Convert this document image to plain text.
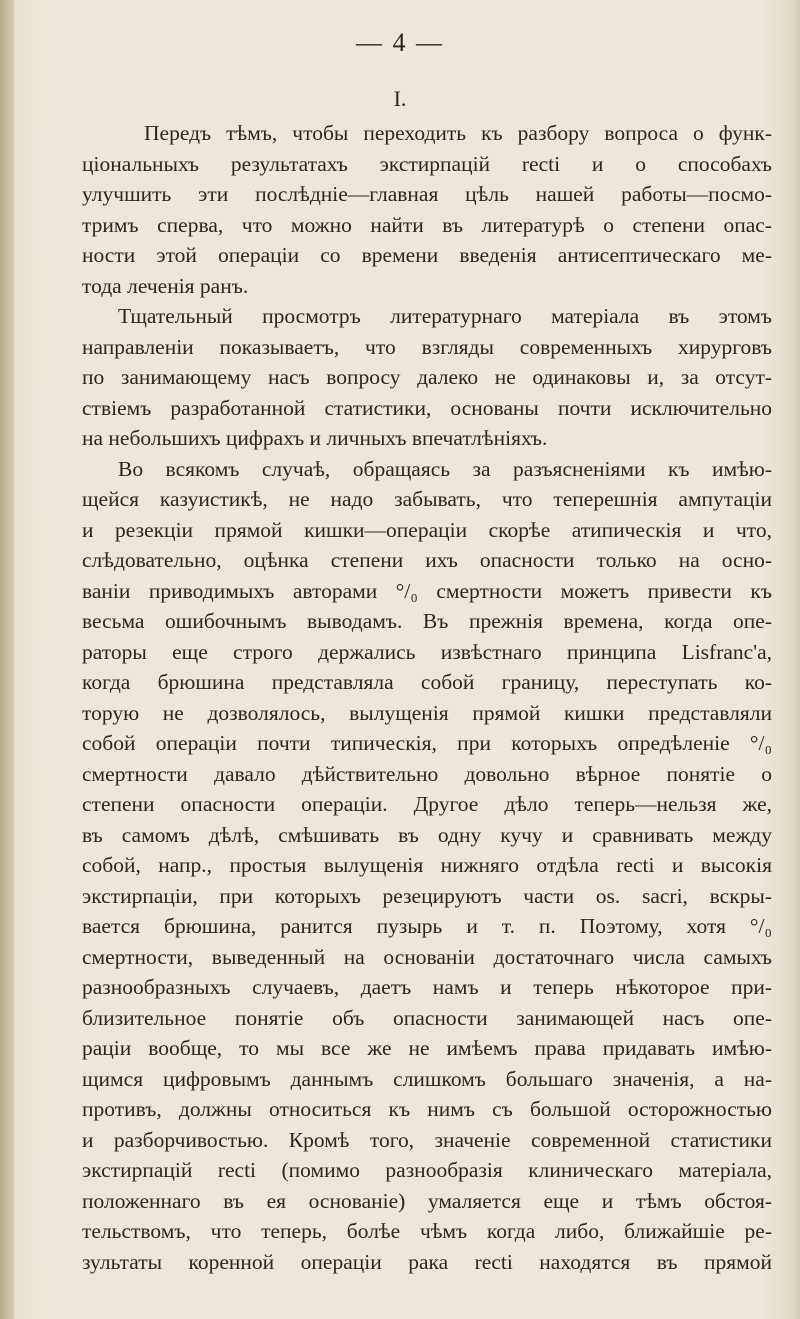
— 4 —
I.
Передъ тѣмъ, чтобы переходить къ разбору вопроса о функ-
ціональныхъ результатахъ экстирпацій recti и о способахъ
улучшить эти послѣдніе—главная цѣль нашей работы—посмо-
тримъ сперва, что можно найти въ литературѣ о степени опас-
ности этой операціи со времени введенія антисептическаго ме-
тода леченія ранъ.
Тщательный просмотръ литературнаго матеріала въ этомъ
направленіи показываетъ, что взгляды современныхъ хирурговъ
по занимающему насъ вопросу далеко не одинаковы и, за отсут-
ствіемъ разработанной статистики, основаны почти исключительно
на небольшихъ цифрахъ и личныхъ впечатлѣніяхъ.
Во всякомъ случаѣ, обращаясь за разъясненіями къ имѣю-
щейся казуистикѣ, не надо забывать, что теперешнія ампутаціи
и резекціи прямой кишки—операціи скорѣе атипическія и что,
слѣдовательно, оцѣнка степени ихъ опасности только на осно-
ваніи приводимыхъ авторами °/₀ смертности можетъ привести къ
весьма ошибочнымъ выводамъ. Въ прежнія времена, когда опе-
раторы еще строго держались извѣстнаго принципа Lisfranc'a,
когда брюшина представляла собой границу, переступать ко-
торую не дозволялось, вылущенія прямой кишки представляли
собой операціи почти типическія, при которыхъ опредѣленіе °/₀
смертности давало дѣйствительно довольно вѣрное понятіе о
степени опасности операціи. Другое дѣло теперь—нельзя же,
въ самомъ дѣлѣ, смѣшивать въ одну кучу и сравнивать между
собой, напр., простыя вылущенія нижняго отдѣла recti и высокія
экстирпаціи, при которыхъ резецируютъ части os. sacri, вскры-
вается брюшина, ранится пузырь и т. п. Поэтому, хотя °/₀
смертности, выведенный на основаніи достаточнаго числа самыхъ
разнообразныхъ случаевъ, даетъ намъ и теперь нѣкоторое при-
близительное понятіе объ опасности занимающей насъ опе-
раціи вообще, то мы все же не имѣемъ права придавать имѣю-
щимся цифровымъ даннымъ слишкомъ большаго значенія, а на-
противъ, должны относиться къ нимъ съ большой осторожностью
и разборчивостью. Кромѣ того, значеніе современной статистики
экстирпацій recti (помимо разнообразія клиническаго матеріала,
положеннаго въ ея основаніе) умаляется еще и тѣмъ обстоя-
тельствомъ, что теперь, болѣе чѣмъ когда либо, ближайшіе ре-
зультаты коренной операціи рака recti находятся въ прямой
